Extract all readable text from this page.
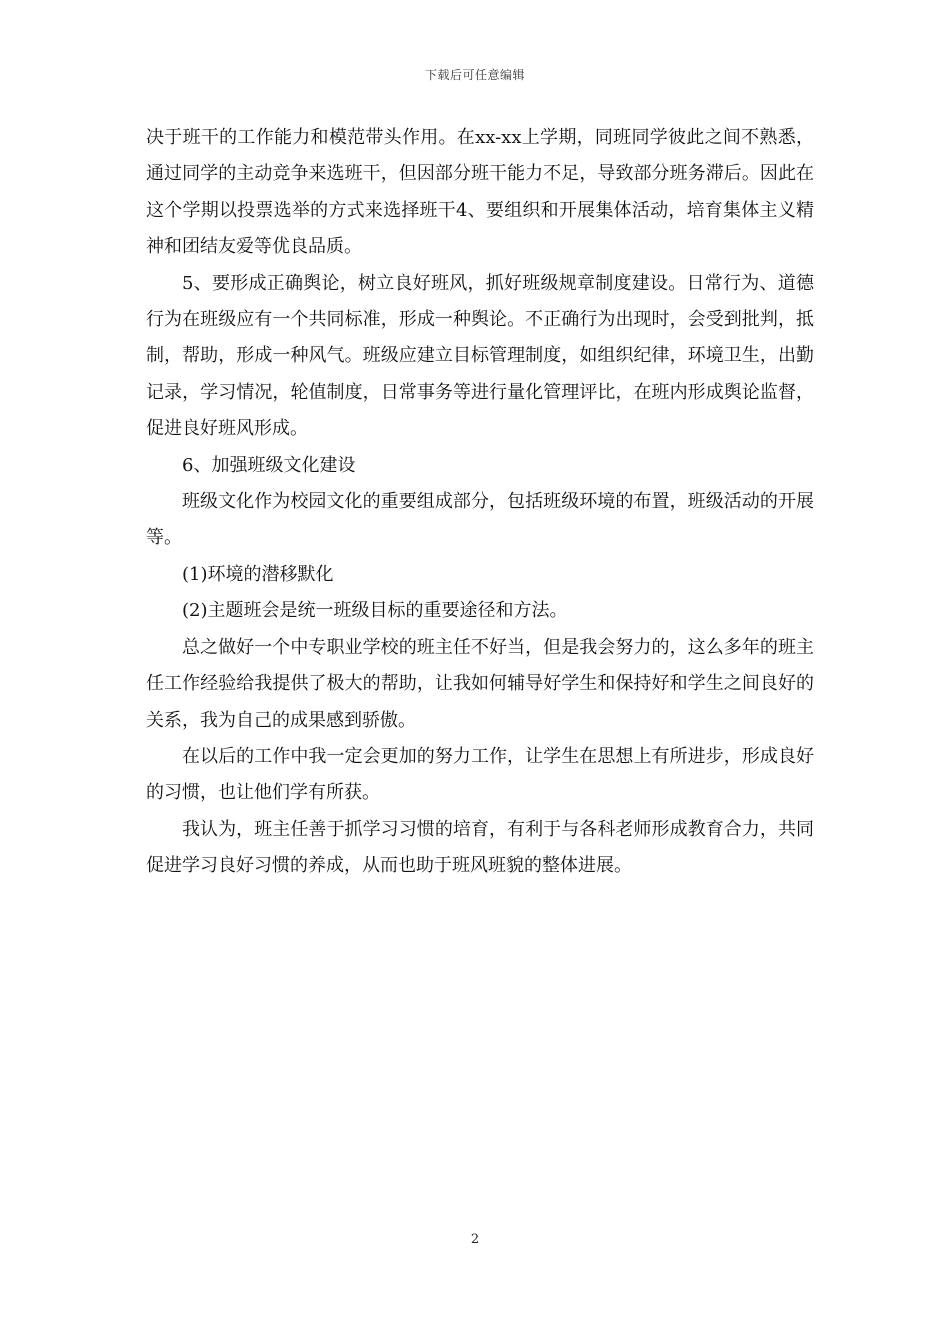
下载后可任意编辑

决于班干的工作能力和模范带头作用。在xx-xx上学期，同班同学彼此之间不熟悉，通过同学的主动竞争来选班干，但因部分班干能力不足，导致部分班务滞后。因此在这个学期以投票选举的方式来选择班干4、要组织和开展集体活动，培育集体主义精神和团结友爱等优良品质。

5、要形成正确舆论，树立良好班风，抓好班级规章制度建设。日常行为、道德行为在班级应有一个共同标准，形成一种舆论。不正确行为出现时，会受到批判，抵制，帮助，形成一种风气。班级应建立目标管理制度，如组织纪律，环境卫生，出勤记录，学习情况，轮值制度，日常事务等进行量化管理评比，在班内形成舆论监督，促进良好班风形成。

6、加强班级文化建设

班级文化作为校园文化的重要组成部分，包括班级环境的布置，班级活动的开展等。

(1)环境的潜移默化

(2)主题班会是统一班级目标的重要途径和方法。

总之做好一个中专职业学校的班主任不好当，但是我会努力的，这么多年的班主任工作经验给我提供了极大的帮助，让我如何辅导好学生和保持好和学生之间良好的关系，我为自己的成果感到骄傲。

在以后的工作中我一定会更加的努力工作，让学生在思想上有所进步，形成良好的习惯，也让他们学有所获。

我认为，班主任善于抓学习习惯的培育，有利于与各科老师形成教育合力，共同促进学习良好习惯的养成，从而也助于班风班貌的整体进展。

2
